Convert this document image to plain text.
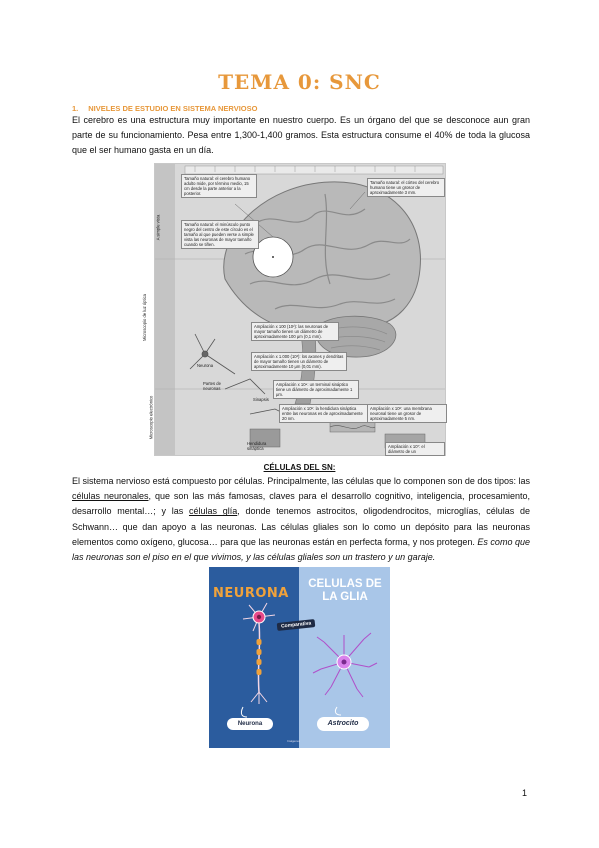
TEMA 0: SNC
1. NIVELES DE ESTUDIO EN SISTEMA NERVIOSO

El cerebro es una estructura muy importante en nuestro cuerpo. Es un órgano del que se desconoce aun gran parte de su funcionamiento. Pesa entre 1,300-1,400 gramos. Esta estructura consume el 40% de toda la glucosa que el ser humano gasta en un día.

Tamaño natural: el cerebro humano adulto mide, por término medio, 15 cm desde la parte anterior a la posterior.
Tamaño natural: el córtex del cerebro humano tiene un grosor de aproximadamente 3 mm.
Tamaño natural: el minúsculo punto negro del centro de este círculo es el tamaño al que pueden verse a simple vista las neuronas de mayor tamaño cuando se tiñen.
Ampliación x 100 (10²): las neuronas de mayor tamaño tienen un diámetro de aproximadamente 100 μm (0,1 mm).
Ampliación x 1.000 (10³): los axones y dendritas de mayor tamaño tienen un diámetro de aproximadamente 10 μm (0,01 mm).
Ampliación x 10⁴: un terminal sináptico tiene un diámetro de aproximadamente 1 μm.
Ampliación x 10⁵: la hendidura sináptica entre las neuronas es de aproximadamente 20 nm.
Ampliación x 10⁶: una membrana neuronal tiene un grosor de aproximadamente 5 nm.
Ampliación x 10⁷: el diámetro de un
Neurona
Partes de neuronas
Sinapsis
Hendidura sináptica
A simple vista
Microscopio de luz óptica
Microscopio electrónico
CÉLULAS DEL SN:

El sistema nervioso está compuesto por células. Principalmente, las células que lo componen son de dos tipos: las células neuronales, que son las más famosas, claves para el desarrollo cognitivo, inteligencia, procesamiento, desarrollo mental…; y las células glía, donde tenemos astrocitos, oligodendrocitos, microglías, células de Schwann… que dan apoyo a las neuronas. Las células gliales son lo como un depósito para las neuronas elementos como oxígeno, glucosa… para que las neuronas están en perfecta forma, y nos protegen. Es como que las neuronas son el piso en el que vivimos, y las células gliales son un trastero y un garaje.

NEURONA
CELULAS DE LA GLIA
Comparativa
Neurona	Astrocito
Imágenes
1
